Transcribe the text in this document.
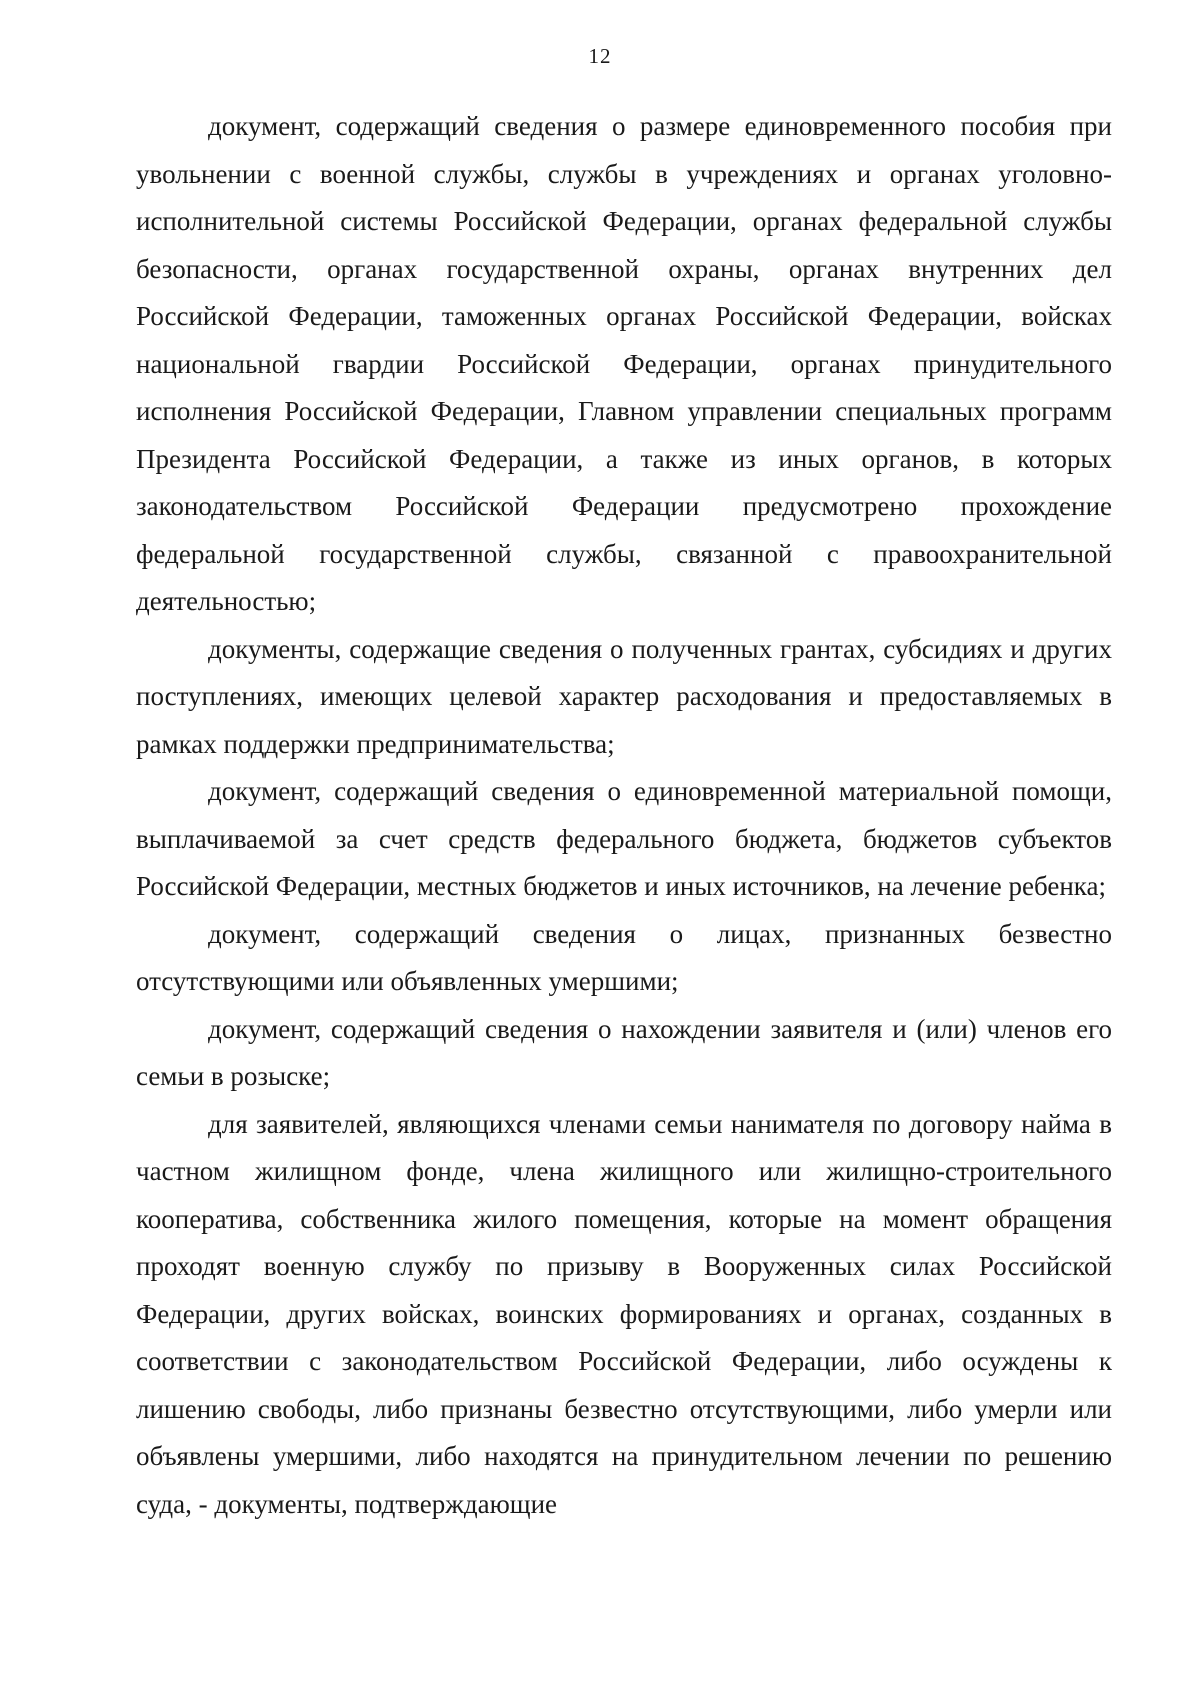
12

документ, содержащий сведения о размере единовременного пособия при увольнении с военной службы, службы в учреждениях и органах уголовно-исполнительной системы Российской Федерации, органах федеральной службы безопасности, органах государственной охраны, органах внутренних дел Российской Федерации, таможенных органах Российской Федерации, войсках национальной гвардии Российской Федерации, органах принудительного исполнения Российской Федерации, Главном управлении специальных программ Президента Российской Федерации, а также из иных органов, в которых законодательством Российской Федерации предусмотрено прохождение федеральной государственной службы, связанной с правоохранительной деятельностью;

документы, содержащие сведения о полученных грантах, субсидиях и других поступлениях, имеющих целевой характер расходования и предоставляемых в рамках поддержки предпринимательства;

документ, содержащий сведения о единовременной материальной помощи, выплачиваемой за счет средств федерального бюджета, бюджетов субъектов Российской Федерации, местных бюджетов и иных источников, на лечение ребенка;

документ, содержащий сведения о лицах, признанных безвестно отсутствующими или объявленных умершими;

документ, содержащий сведения о нахождении заявителя и (или) членов его семьи в розыске;

для заявителей, являющихся членами семьи нанимателя по договору найма в частном жилищном фонде, члена жилищного или жилищно-строительного кооператива, собственника жилого помещения, которые на момент обращения проходят военную службу по призыву в Вооруженных силах Российской Федерации, других войсках, воинских формированиях и органах, созданных в соответствии с законодательством Российской Федерации, либо осуждены к лишению свободы, либо признаны безвестно отсутствующими, либо умерли или объявлены умершими, либо находятся на принудительном лечении по решению суда, - документы, подтверждающие
